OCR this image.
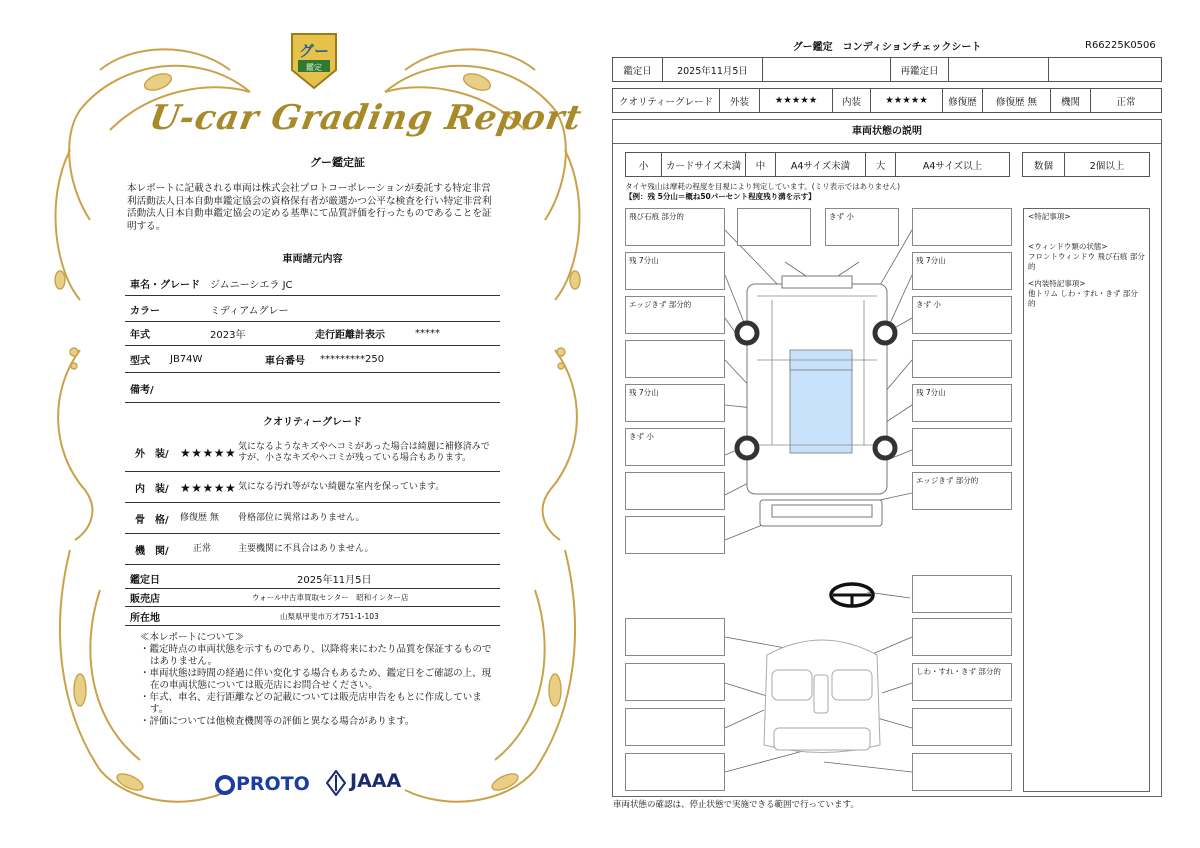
グー
鑑定
U-car Grading Report
グー鑑定証
本レポートに記載される車両は株式会社プロトコーポレーションが委託する特定非営利活動法人日本自動車鑑定協会の資格保有者が厳選かつ公平な検査を行い特定非営利活動法人日本自動車鑑定協会の定める基準にて品質評価を行ったものであることを証明する。
車両諸元内容
車名・グレード	ジムニーシエラ JC
カラー	ミディアムグレー
年式	2023年	走行距離計表示	*****
型式	JB74W	車台番号	*********250
備考/
クオリティーグレード
外　装/ ★★★★★ 気になるようなキズやヘコミがあった場合は綺麗に補修済みですが、小さなキズやヘコミが残っている場合もあります。
内　装/ ★★★★★ 気になる汚れ等がない綺麗な室内を保っています。
骨　格/	修復歴 無	骨格部位に異常はありません。
機　関/	正常	主要機関に不具合はありません。
鑑定日	2025年11月5日
販売店	ウォール中古車買取センター　昭和インター店
所在地	山梨県甲斐市万才751-1-103
≪本レポートについて≫
・鑑定時点の車両状態を示すものであり、以降将来にわたり品質を保証するものではありません。
・車両状態は時間の経過に伴い変化する場合もあるため、鑑定日をご確認の上、現在の車両状態については販売店にお問合せください。
・年式、車名、走行距離などの記載については販売店申告をもとに作成しています。
・評価については他検査機関等の評価と異なる場合があります。
PROTO JAAA
グー鑑定　コンディションチェックシート	R66225K0506
鑑定日	2025年11月5日		再鑑定日		
クオリティーグレード	外装	★★★★★	内装	★★★★★	修復歴	修復歴 無	機関	正常
車両状態の説明
小	カードサイズ未満	中	A4サイズ未満	大	A4サイズ以上	数個	2個以上
タイヤ残山は摩耗の程度を目視により判定しています。(ミリ表示ではありません)
【例：残 5分山＝概ね50パーセント程度残り溝を示す】
飛び石痕 部分的
残 7分山
エッジきず 部分的
残 7分山
きず 小
きず 小
残 7分山
きず 小
残 7分山
エッジきず 部分的
しわ・すれ・きず 部分的
<特記事項>
<ウィンドウ類の状態>
フロントウィンドウ 飛び石痕 部分的
<内装特記事項>
他トリム しわ・すれ・きず 部分的
車両状態の確認は、停止状態で実施できる範囲で行っています。
